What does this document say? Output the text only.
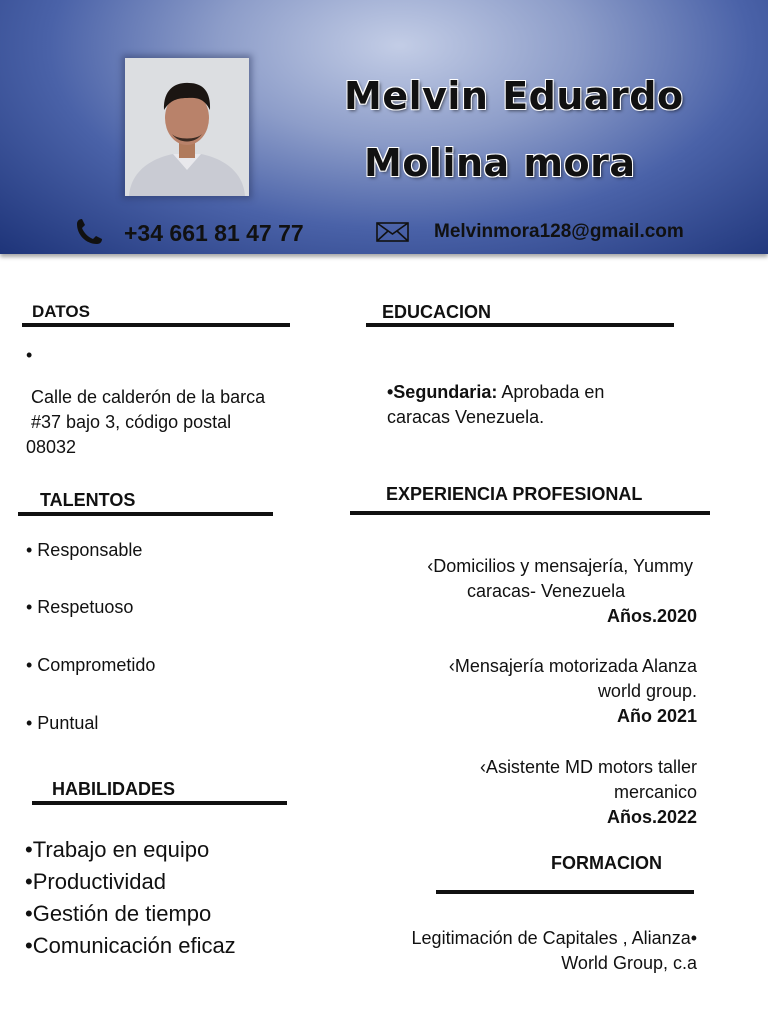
Melvin Eduardo
Molina mora
+34 661 81 47 77	Melvinmora128@gmail.com
DATOS
•
Calle de calderón de la barca
#37 bajo 3, código postal
08032
TALENTOS
• Responsable
• Respetuoso
• Comprometido
• Puntual
HABILIDADES
•Trabajo en equipo
•Productividad
•Gestión de tiempo
•Comunicación eficaz
EDUCACION
•Segundaria: Aprobada en
caracas Venezuela.
EXPERIENCIA PROFESIONAL
‹Domicilios y mensajería, Yummy
caracas- Venezuela
Años.2020
‹Mensajería motorizada Alanza
world group.
Año 2021
‹Asistente MD motors taller
mercanico
Años.2022
FORMACION
Legitimación de Capitales , Alianza•
World Group, c.a
